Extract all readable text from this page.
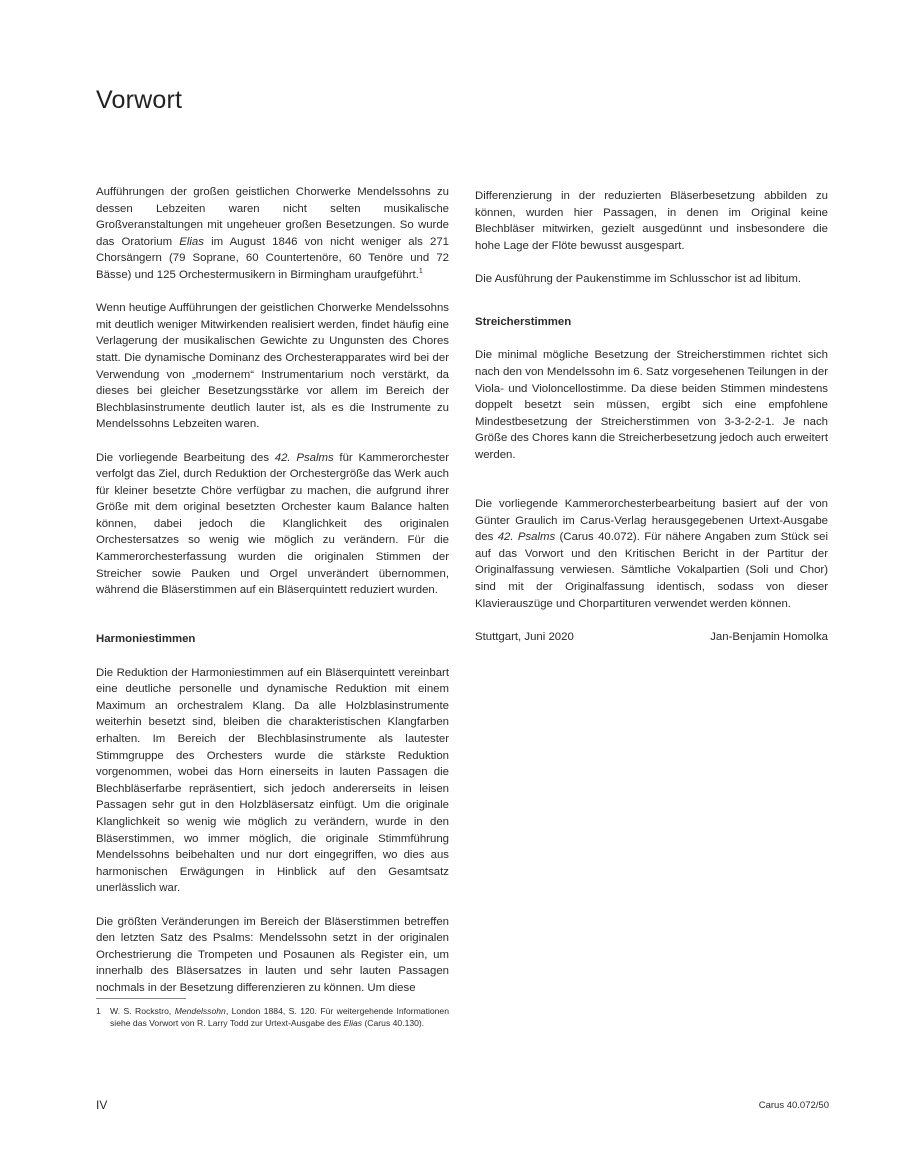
Vorwort

Aufführungen der großen geistlichen Chorwerke Mendelssohns zu dessen Lebzeiten waren nicht selten musikalische Großveranstaltungen mit ungeheuer großen Besetzungen. So wurde das Oratorium Elias im August 1846 von nicht weniger als 271 Chorsängern (79 Soprane, 60 Countertenöre, 60 Tenöre und 72 Bässe) und 125 Orchestermusikern in Birmingham uraufgeführt.$^1$

Wenn heutige Aufführungen der geistlichen Chorwerke Mendelssohns mit deutlich weniger Mitwirkenden realisiert werden, findet häufig eine Verlagerung der musikalischen Gewichte zu Ungunsten des Chores statt. Die dynamische Dominanz des Orchesterapparates wird bei der Verwendung von „modernem“ Instrumentarium noch verstärkt, da dieses bei gleicher Besetzungsstärke vor allem im Bereich der Blechblasinstrumente deutlich lauter ist, als es die Instrumente zu Mendelssohns Lebzeiten waren.

Die vorliegende Bearbeitung des 42. Psalms für Kammerorchester verfolgt das Ziel, durch Reduktion der Orchestergröße das Werk auch für kleiner besetzte Chöre verfügbar zu machen, die aufgrund ihrer Größe mit dem original besetzten Orchester kaum Balance halten können, dabei jedoch die Klanglichkeit des originalen Orchestersatzes so wenig wie möglich zu verändern. Für die Kammerorchesterfassung wurden die originalen Stimmen der Streicher sowie Pauken und Orgel unverändert übernommen, während die Bläserstimmen auf ein Bläserquintett reduziert wurden.

Harmoniestimmen

Die Reduktion der Harmoniestimmen auf ein Bläserquintett vereinbart eine deutliche personelle und dynamische Reduktion mit einem Maximum an orchestralem Klang. Da alle Holzblasinstrumente weiterhin besetzt sind, bleiben die charakteristischen Klangfarben erhalten. Im Bereich der Blechblasinstrumente als lautester Stimmgruppe des Orchesters wurde die stärkste Reduktion vorgenommen, wobei das Horn einerseits in lauten Passagen die Blechbläserfarbe repräsentiert, sich jedoch andererseits in leisen Passagen sehr gut in den Holzbläsersatz einfügt. Um die originale Klanglichkeit so wenig wie möglich zu verändern, wurde in den Bläserstimmen, wo immer möglich, die originale Stimmführung Mendelssohns beibehalten und nur dort eingegriffen, wo dies aus harmonischen Erwägungen in Hinblick auf den Gesamtsatz unerlässlich war.

Die größten Veränderungen im Bereich der Bläserstimmen betreffen den letzten Satz des Psalms: Mendelssohn setzt in der originalen Orchestrierung die Trompeten und Posaunen als Register ein, um innerhalb des Bläsersatzes in lauten und sehr lauten Passagen nochmals in der Besetzung differenzieren zu können. Um diese

Differenzierung in der reduzierten Bläserbesetzung abbilden zu können, wurden hier Passagen, in denen im Original keine Blechbläser mitwirken, gezielt ausgedünnt und insbesondere die hohe Lage der Flöte bewusst ausgespart.

Die Ausführung der Paukenstimme im Schlusschor ist ad libitum.

Streicherstimmen

Die minimal mögliche Besetzung der Streicherstimmen richtet sich nach den von Mendelssohn im 6. Satz vorgesehenen Teilungen in der Viola- und Violoncellostimme. Da diese beiden Stimmen mindestens doppelt besetzt sein müssen, ergibt sich eine empfohlene Mindestbesetzung der Streicherstimmen von 3-3-2-2-1. Je nach Größe des Chores kann die Streicherbesetzung jedoch auch erweitert werden.

Die vorliegende Kammerorchesterbearbeitung basiert auf der von Günter Graulich im Carus-Verlag herausgegebenen Urtext-Ausgabe des 42. Psalms (Carus 40.072). Für nähere Angaben zum Stück sei auf das Vorwort und den Kritischen Bericht in der Partitur der Originalfassung verwiesen. Sämtliche Vokalpartien (Soli und Chor) sind mit der Originalfassung identisch, sodass von dieser Klavierauszüge und Chorpartituren verwendet werden können.

Stuttgart, Juni 2020	Jan-Benjamin Homolka
1	W. S. Rockstro, Mendelssohn, London 1884, S. 120. Für weitergehende Informationen siehe das Vorwort von R. Larry Todd zur Urtext-Ausgabe des Elias (Carus 40.130).
IV	Carus 40.072/50
